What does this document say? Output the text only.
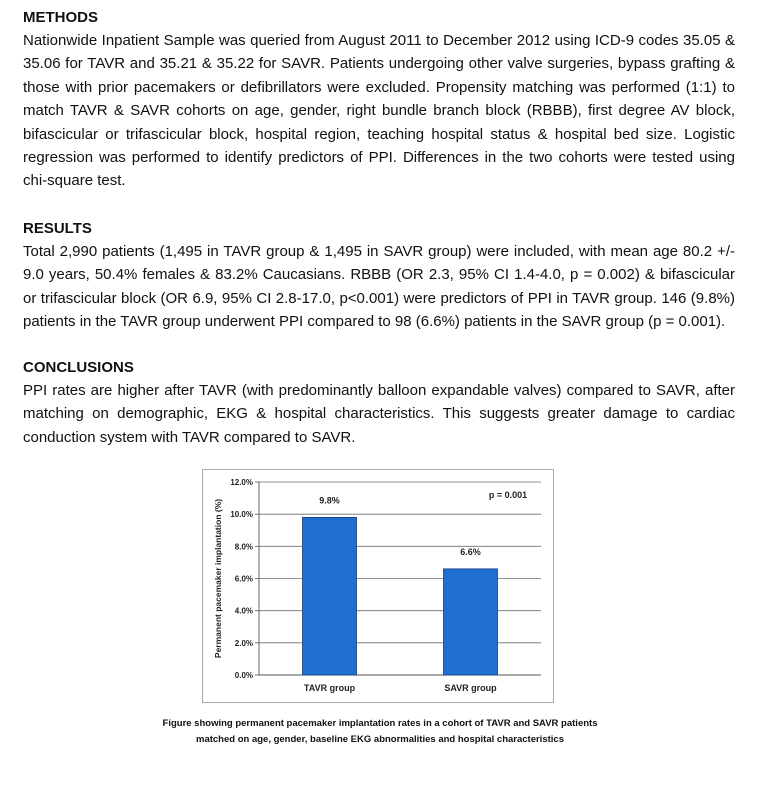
METHODS

Nationwide Inpatient Sample was queried from August 2011 to December 2012 using ICD-9 codes 35.05 & 35.06 for TAVR and 35.21 & 35.22 for SAVR. Patients undergoing other valve surgeries, bypass grafting & those with prior pacemakers or defibrillators were excluded. Propensity matching was performed (1:1) to match TAVR & SAVR cohorts on age, gender, right bundle branch block (RBBB), first degree AV block, bifascicular or trifascicular block, hospital region, teaching hospital status & hospital bed size. Logistic regression was performed to identify predictors of PPI. Differences in the two cohorts were tested using chi-square test.

RESULTS

Total 2,990 patients (1,495 in TAVR group & 1,495 in SAVR group) were included, with mean age 80.2 +/- 9.0 years, 50.4% females & 83.2% Caucasians. RBBB (OR 2.3, 95% CI 1.4-4.0, p = 0.002) & bifascicular or trifascicular block (OR 6.9, 95% CI 2.8-17.0, p<0.001) were predictors of PPI in TAVR group. 146 (9.8%) patients in the TAVR group underwent PPI compared to 98 (6.6%) patients in the SAVR group (p = 0.001).

CONCLUSIONS

PPI rates are higher after TAVR (with predominantly balloon expandable valves) compared to SAVR, after matching on demographic, EKG & hospital characteristics. This suggests greater damage to cardiac conduction system with TAVR compared to SAVR.

0.0%
2.0%
4.0%
6.0%
8.0%
10.0%
12.0%
9.8%
TAVR group
6.6%
SAVR group
p = 0.001
Permanent pacemaker implantation (%)
Figure showing permanent pacemaker implantation rates in a cohort of TAVR and SAVR patients
matched on age, gender, baseline EKG abnormalities and hospital characteristics
